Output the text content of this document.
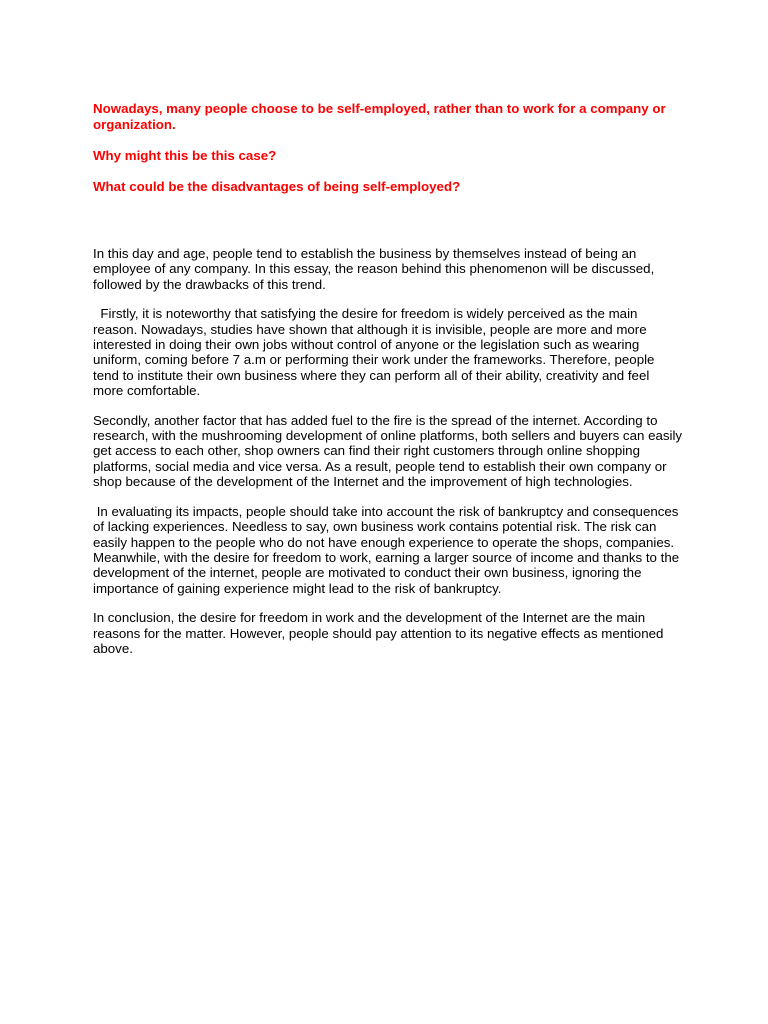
Nowadays, many people choose to be self-employed, rather than to work for a company or organization.

Why might this be this case?

What could be the disadvantages of being self-employed?

In this day and age, people tend to establish the business by themselves instead of being an employee of any company. In this essay, the reason behind this phenomenon will be discussed, followed by the drawbacks of this trend.

Firstly, it is noteworthy that satisfying the desire for freedom is widely perceived as the main reason. Nowadays, studies have shown that although it is invisible, people are more and more interested in doing their own jobs without control of anyone or the legislation such as wearing uniform, coming before 7 a.m or performing their work under the frameworks. Therefore, people tend to institute their own business where they can perform all of their ability, creativity and feel more comfortable.

Secondly, another factor that has added fuel to the fire is the spread of the internet. According to research, with the mushrooming development of online platforms, both sellers and buyers can easily get access to each other, shop owners can find their right customers through online shopping platforms, social media and vice versa. As a result, people tend to establish their own company or shop because of the development of the Internet and the improvement of high technologies.

In evaluating its impacts, people should take into account the risk of bankruptcy and consequences of lacking experiences. Needless to say, own business work contains potential risk. The risk can easily happen to the people who do not have enough experience to operate the shops, companies. Meanwhile, with the desire for freedom to work, earning a larger source of income and thanks to the development of the internet, people are motivated to conduct their own business, ignoring the importance of gaining experience might lead to the risk of bankruptcy.

In conclusion, the desire for freedom in work and the development of the Internet are the main reasons for the matter. However, people should pay attention to its negative effects as mentioned above.
